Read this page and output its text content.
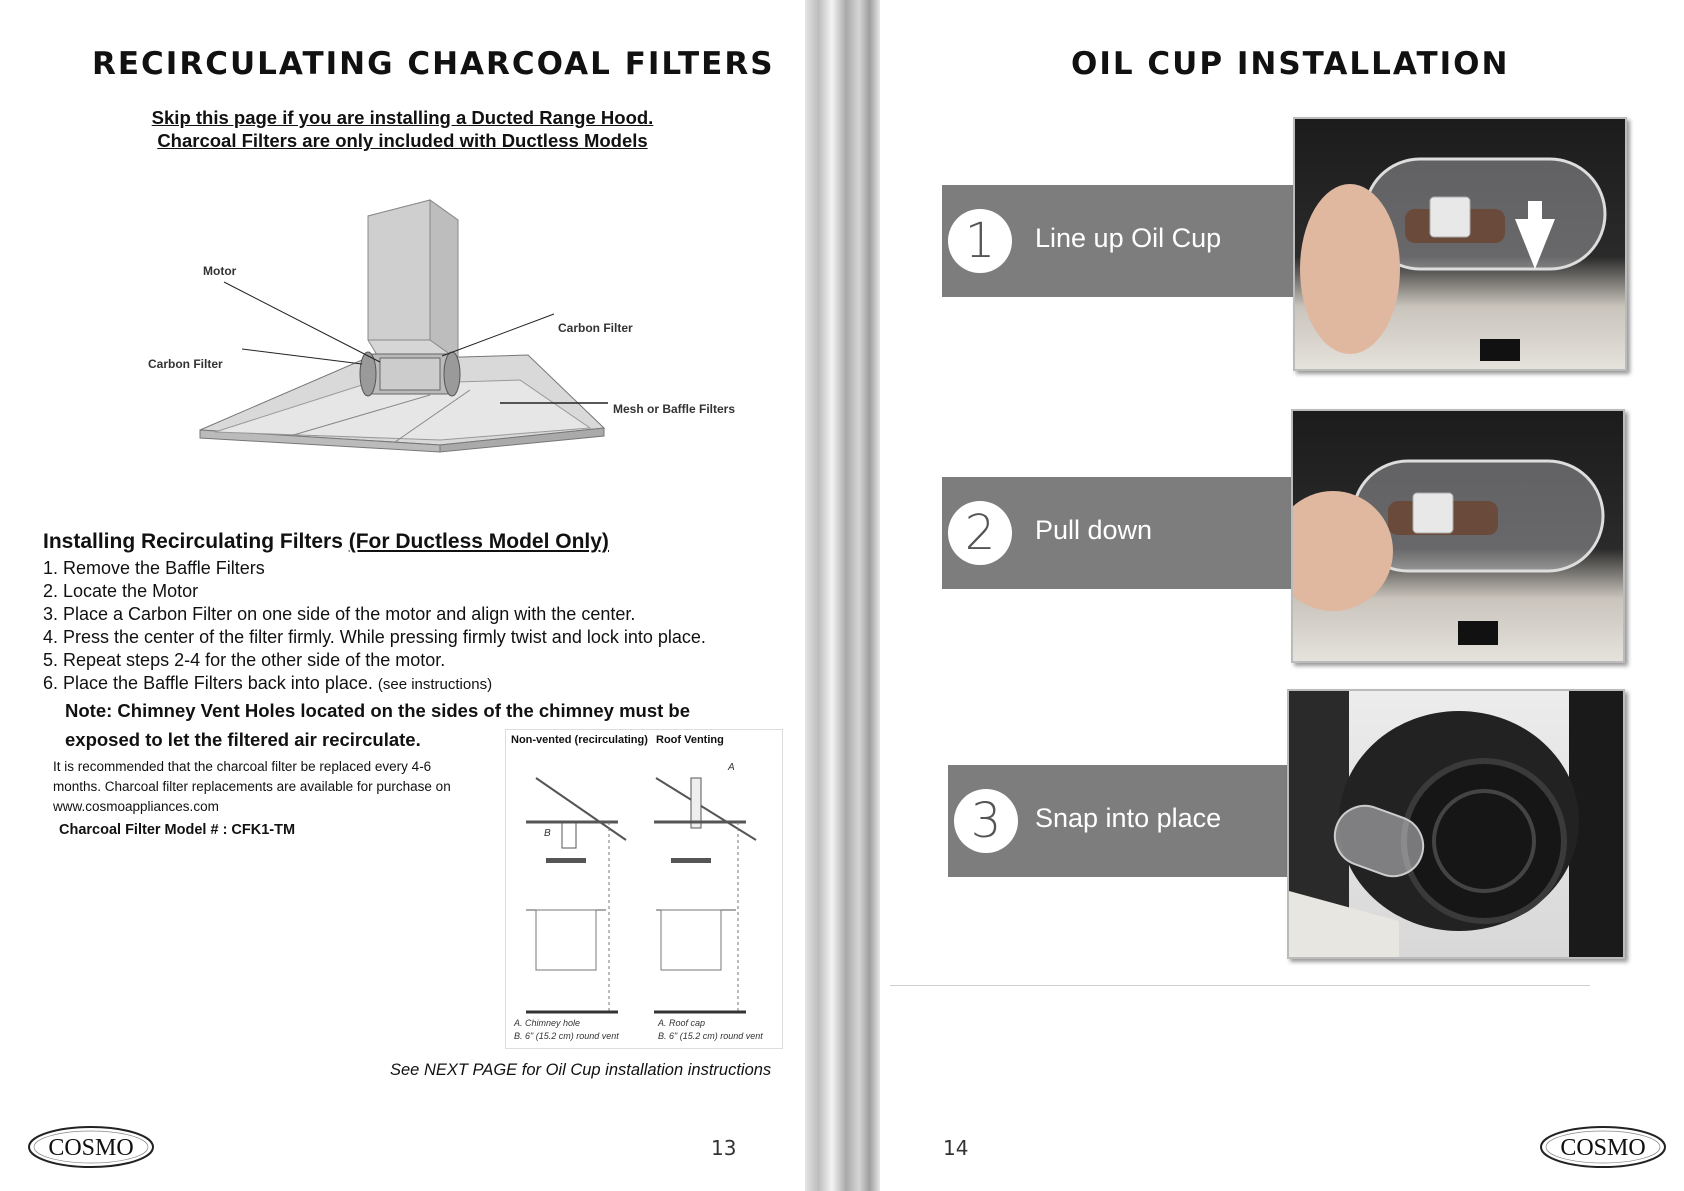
RECIRCULATING CHARCOAL FILTERS
Skip this page if you are installing a Ducted Range Hood.
Charcoal Filters are only included with Ductless Models
Motor
Carbon Filter
Carbon Filter
Mesh or Baffle Filters
Installing Recirculating Filters (For Ductless Model Only)
1. Remove the Baffle Filters
2. Locate the Motor
3. Place a Carbon Filter on one side of the motor and align with the center.
4. Press the center of the filter firmly. While pressing firmly twist and lock into place.
5. Repeat steps 2-4 for the other side of the motor.
6. Place the Baffle Filters back into place. (see instructions)
Note: Chimney Vent Holes located on the sides of the chimney must be
exposed to let the filtered air recirculate.
It is recommended that the charcoal filter be replaced every 4-6
months. Charcoal filter replacements are available for purchase on
www.cosmoappliances.com
Charcoal Filter Model # : CFK1-TM
Non-vented (recirculating) Roof Venting
A
B
A. Chimney hole
B. 6" (15.2 cm) round vent
A. Roof cap
B. 6" (15.2 cm) round vent
See NEXT PAGE for Oil Cup installation instructions
COSMO	13
OIL CUP INSTALLATION
1	Line up Oil Cup
2	Pull down
3	Snap into place
14	COSMO
